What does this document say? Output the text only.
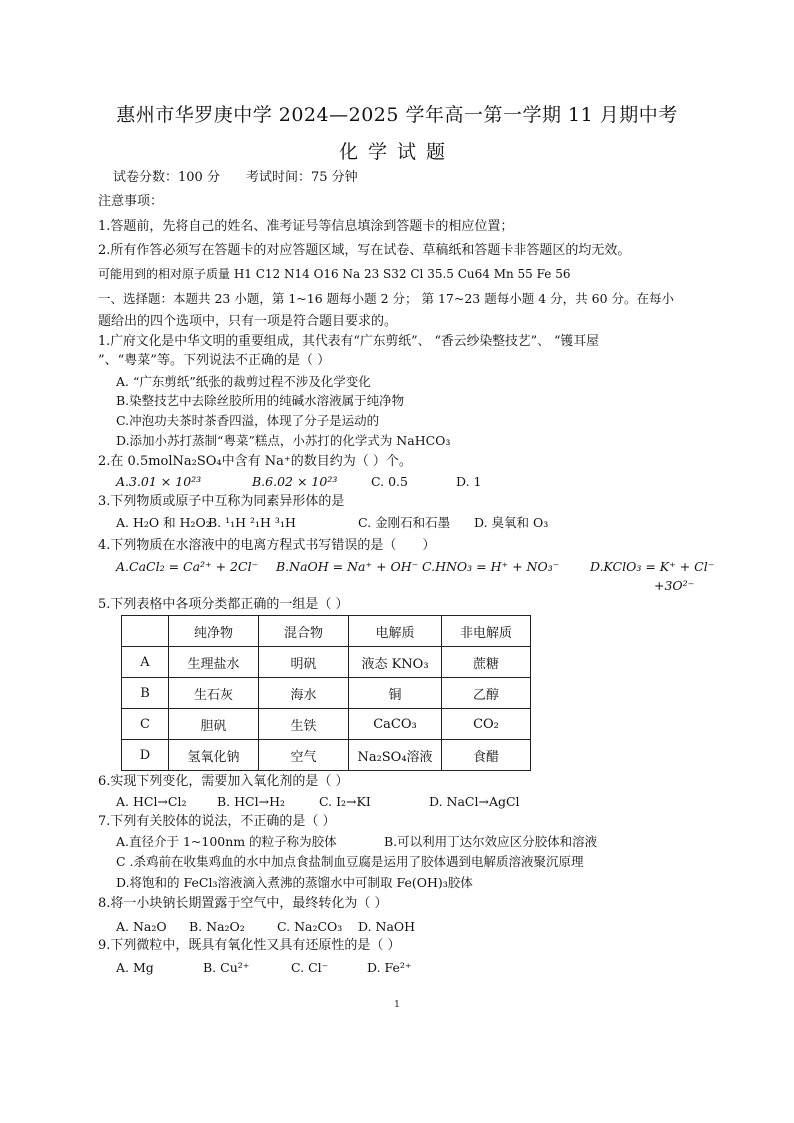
惠州市华罗庚中学 2024—2025 学年高一第一学期 11 月期中考
化学试题
试卷分数：100 分 考试时间：75 分钟
注意事项：
1.答题前，先将自己的姓名、准考证号等信息填涂到答题卡的相应位置；
2.所有作答必须写在答题卡的对应答题区域，写在试卷、草稿纸和答题卡非答题区的均无效。
可能用到的相对原子质量 H1 C12 N14 O16 Na 23 S32 Cl 35.5 Cu64 Mn 55 Fe 56
一、选择题：本题共 23 小题，第 1~16 题每小题 2 分； 第 17~23 题每小题 4 分，共 60 分。在每小
题给出的四个选项中，只有一项是符合题目要求的。
1.广府文化是中华文明的重要组成，其代表有“广东剪纸”、 “香云纱染整技艺”、 “镬耳屋
”、“粤菜”等。下列说法不正确的是（ ）
A. “广东剪纸”纸张的裁剪过程不涉及化学变化
B.染整技艺中去除丝胶所用的纯碱水溶液属于纯净物
C.冲泡功夫茶时茶香四溢，体现了分子是运动的
D.添加小苏打蒸制“粤菜”糕点，小苏打的化学式为 NaHCO₃
2.在 0.5molNa₂SO₄中含有 Na⁺的数目约为（ ）个。
A.3.01 × 10²³	B.6.02 × 10²³	C. 0.5	D. 1
3.下列物质或原子中互称为同素异形体的是
A. H₂O 和 H₂O₂
B. ¹₁H ²₁H ³₁H	C. 金刚石和石墨 D. 臭氧和 O₃
4.下列物质在水溶液中的电离方程式书写错误的是（　　）
A.CaCl₂ = Ca²⁺ + 2Cl⁻ B.NaOH = Na⁺ + OH⁻ C.HNO₃ = H⁺ + NO₃⁻ D.KClO₃ = K⁺ + Cl⁻
+3O²⁻
5.下列表格中各项分类都正确的一组是（ ）
	纯净物	混合物	电解质	非电解质
A	生理盐水	明矾	液态 KNO₃	蔗糖
B	生石灰	海水	铜	乙醇
C	胆矾	生铁	CaCO₃	CO₂
D	氢氧化钠	空气	Na₂SO₄溶液	食醋
6.实现下列变化，需要加入氧化剂的是（ ）
A. HCl→Cl₂ B. HCl→H₂	C. I₂→KI	D. NaCl→AgCl
7.下列有关胶体的说法，不正确的是（ ）
A.直径介于 1~100nm 的粒子称为胶体	B.可以利用丁达尔效应区分胶体和溶液
C .杀鸡前在收集鸡血的水中加点食盐制血豆腐是运用了胶体遇到电解质溶液聚沉原理
D.将饱和的 FeCl₃溶液滴入煮沸的蒸馏水中可制取 Fe(OH)₃胶体
8.将一小块钠长期置露于空气中，最终转化为（ ）
A. Na₂O B. Na₂O₂	C. Na₂CO₃ D. NaOH
9.下列微粒中，既具有氧化性又具有还原性的是（ ）
A. Mg	B. Cu²⁺	C. Cl⁻	D. Fe²⁺
1
